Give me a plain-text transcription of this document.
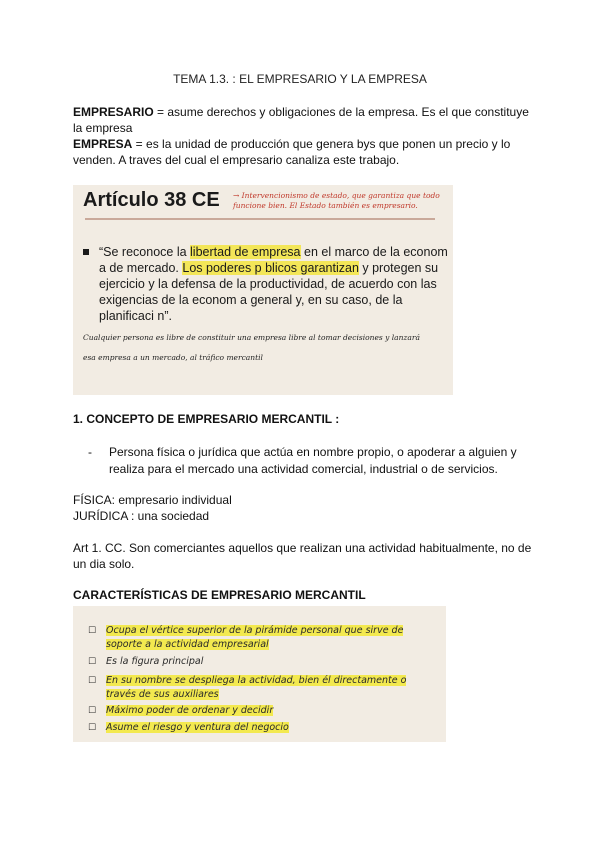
TEMA 1.3. : EL EMPRESARIO Y LA EMPRESA
EMPRESARIO = asume derechos y obligaciones de la empresa. Es el que constituye la empresa
EMPRESA = es la unidad de producción que genera bys que ponen un precio y lo venden. A traves del cual el empresario canaliza este trabajo.
Artículo 38 CE → Intervencionismo de estado, que garantiza que todo funcione bien. El Estado también es empresario.
“Se reconoce la libertad de empresa en el marco de la econom a de mercado. Los poderes p blicos garantizan y protegen su ejercicio y la defensa de la productividad, de acuerdo con las exigencias de la econom a general y, en su caso, de la planificaci n”.
Cualquier persona es libre de constituir una empresa libre al tomar decisiones y lanzará esa empresa a un mercado, al tráfico mercantil
1. CONCEPTO DE EMPRESARIO MERCANTIL :
- Persona física o jurídica que actúa en nombre propio, o apoderar a alguien y realiza para el mercado una actividad comercial, industrial o de servicios.
FÍSICA: empresario individual
JURÍDICA : una sociedad
Art 1. CC. Son comerciantes aquellos que realizan una actividad habitualmente, no de un dia solo.
CARACTERÍSTICAS DE EMPRESARIO MERCANTIL
☐ Ocupa el vértice superior de la pirámide personal que sirve de soporte a la actividad empresarial
☐ Es la figura principal
☐ En su nombre se despliega la actividad, bien él directamente o través de sus auxiliares
☐ Máximo poder de ordenar y decidir
☐ Asume el riesgo y ventura del negocio
